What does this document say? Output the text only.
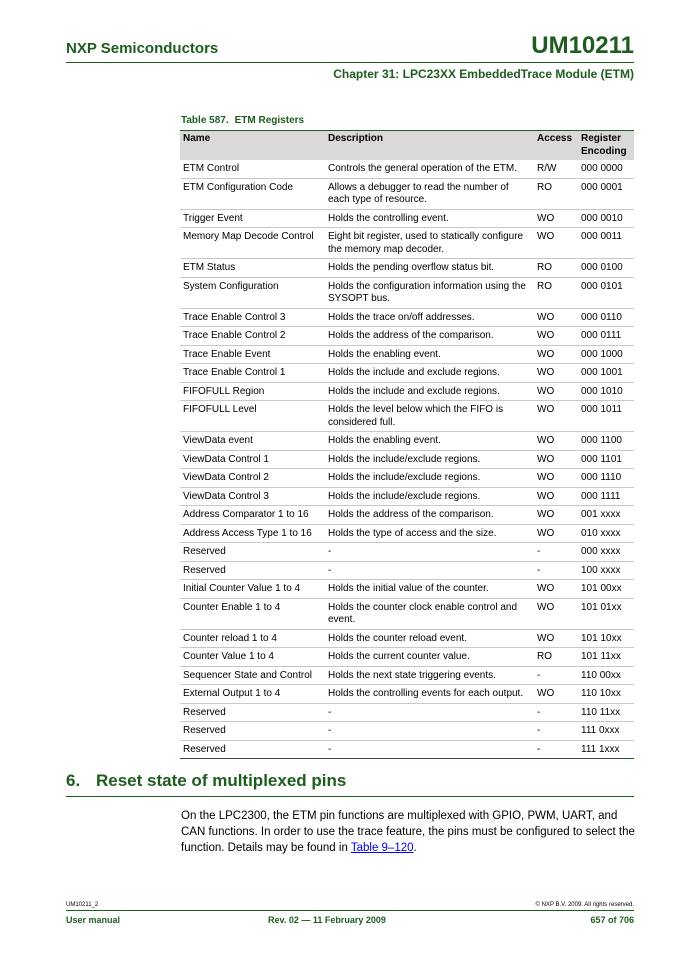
NXP Semiconductors	UM10211
Chapter 31: LPC23XX EmbeddedTrace Module (ETM)
Table 587. ETM Registers
Name	Description	Access	Register Encoding
ETM Control	Controls the general operation of the ETM.	R/W	000 0000
ETM Configuration Code	Allows a debugger to read the number of each type of resource.	RO	000 0001
Trigger Event	Holds the controlling event.	WO	000 0010
Memory Map Decode Control	Eight bit register, used to statically configure the memory map decoder.	WO	000 0011
ETM Status	Holds the pending overflow status bit.	RO	000 0100
System Configuration	Holds the configuration information using the SYSOPT bus.	RO	000 0101
Trace Enable Control 3	Holds the trace on/off addresses.	WO	000 0110
Trace Enable Control 2	Holds the address of the comparison.	WO	000 0111
Trace Enable Event	Holds the enabling event.	WO	000 1000
Trace Enable Control 1	Holds the include and exclude regions.	WO	000 1001
FIFOFULL Region	Holds the include and exclude regions.	WO	000 1010
FIFOFULL Level	Holds the level below which the FIFO is considered full.	WO	000 1011
ViewData event	Holds the enabling event.	WO	000 1100
ViewData Control 1	Holds the include/exclude regions.	WO	000 1101
ViewData Control 2	Holds the include/exclude regions.	WO	000 1110
ViewData Control 3	Holds the include/exclude regions.	WO	000 1111
Address Comparator 1 to 16	Holds the address of the comparison.	WO	001 xxxx
Address Access Type 1 to 16	Holds the type of access and the size.	WO	010 xxxx
Reserved	-	-	000 xxxx
Reserved	-	-	100 xxxx
Initial Counter Value 1 to 4	Holds the initial value of the counter.	WO	101 00xx
Counter Enable 1 to 4	Holds the counter clock enable control and event.	WO	101 01xx
Counter reload 1 to 4	Holds the counter reload event.	WO	101 10xx
Counter Value 1 to 4	Holds the current counter value.	RO	101 11xx
Sequencer State and Control	Holds the next state triggering events.	-	110 00xx
External Output 1 to 4	Holds the controlling events for each output.	WO	110 10xx
Reserved	-	-	110 11xx
Reserved	-	-	111 0xxx
Reserved	-	-	111 1xxx
6. Reset state of multiplexed pins
On the LPC2300, the ETM pin functions are multiplexed with GPIO, PWM, UART, and CAN functions. In order to use the trace feature, the pins must be configured to select the function. Details may be found in Table 9–120.
UM10211_2	© NXP B.V. 2009. All rights reserved.
User manual	Rev. 02 — 11 February 2009	657 of 706
